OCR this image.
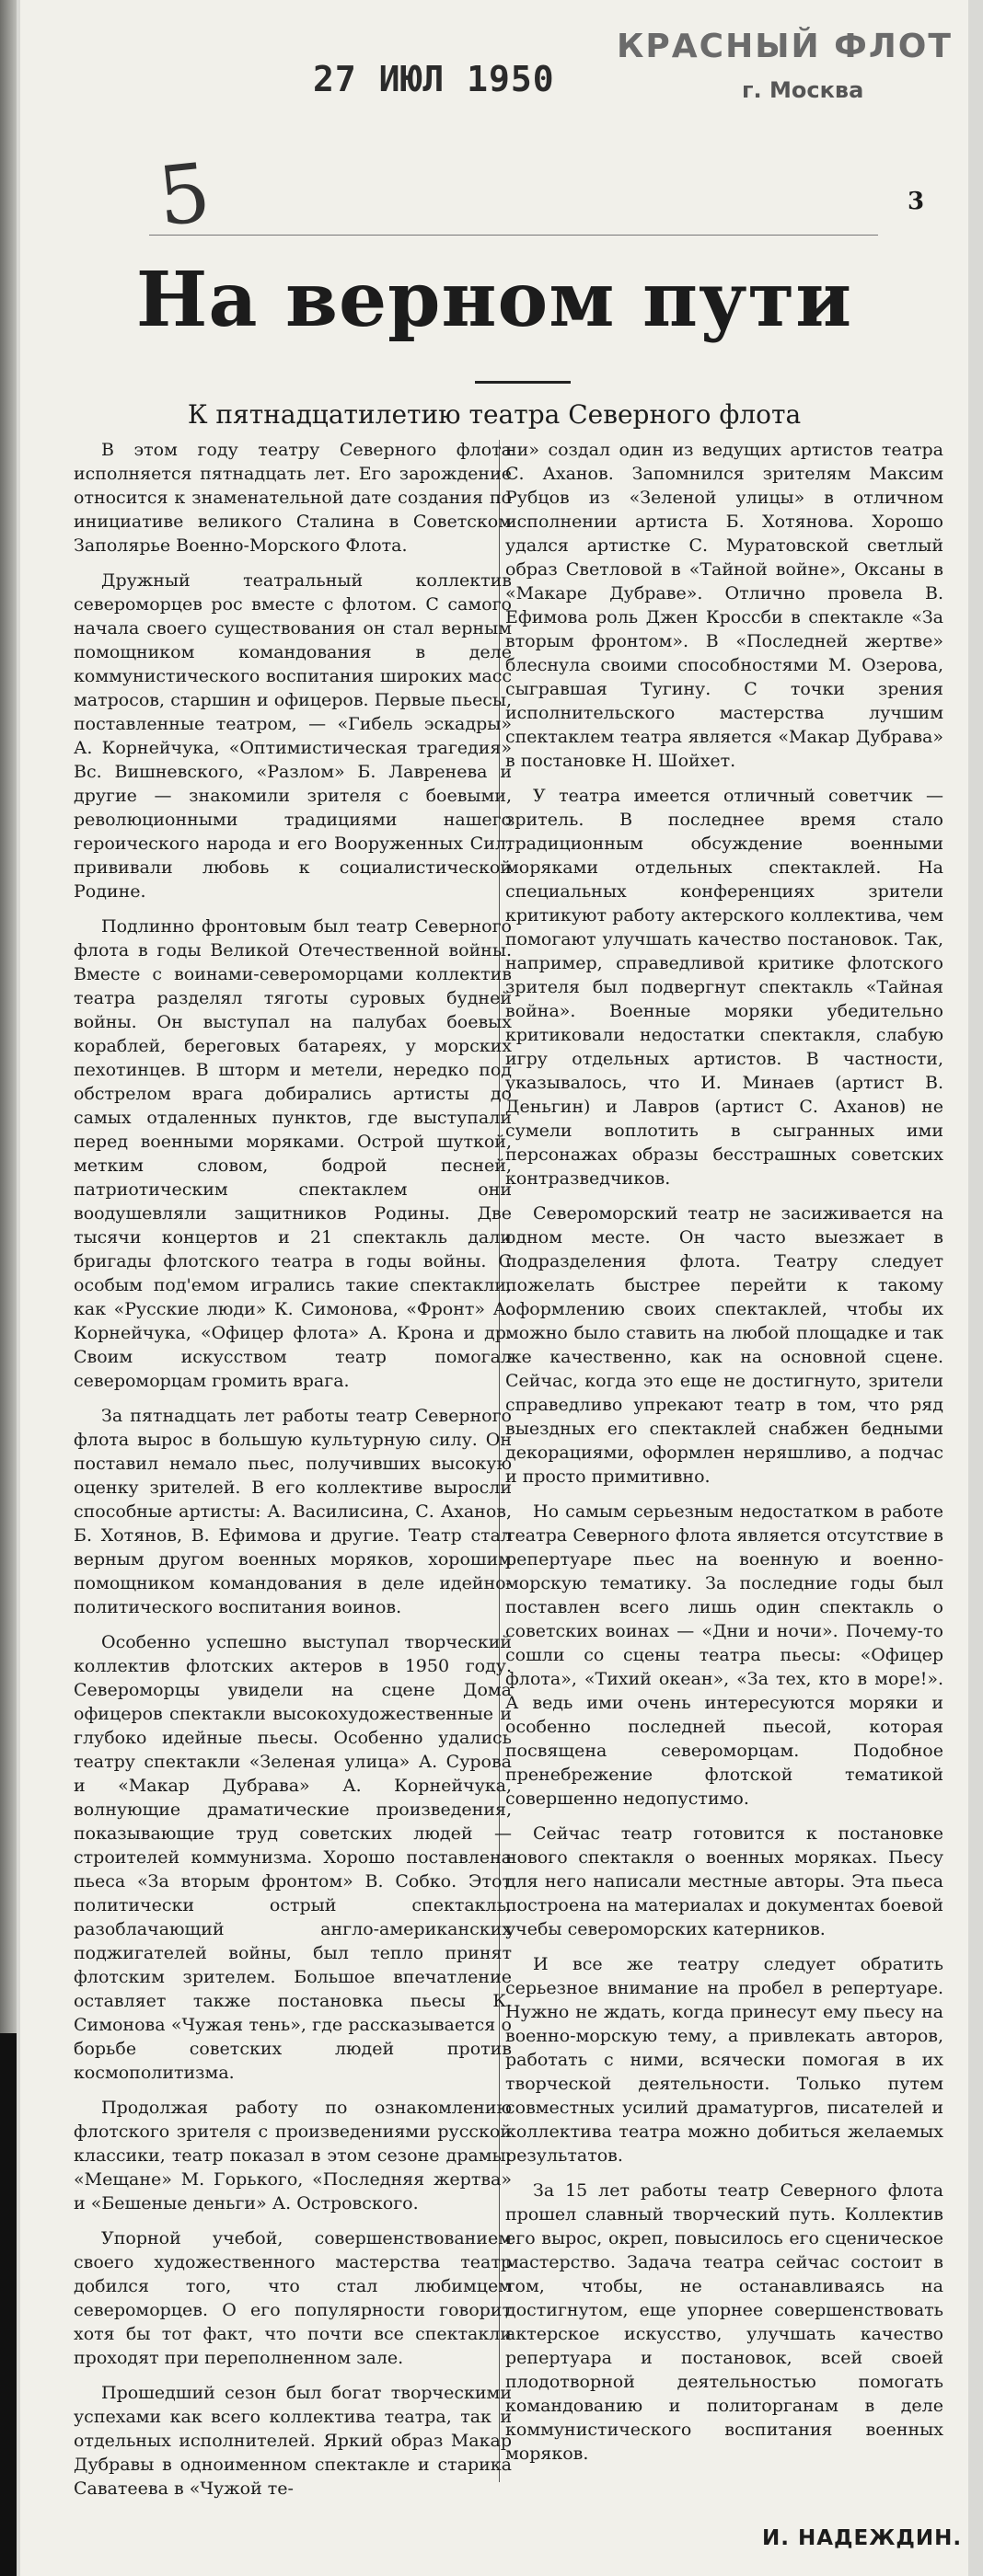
27 ИЮЛ 1950
КРАСНЫЙ ФЛОТ
г. Москва
5	3
На верном пути
К пятнадцатилетию театра Северного флота

В этом году театру Северного флота исполняется пятнадцать лет. Его зарождение относится к знаменательной дате создания по инициативе великого Сталина в Советском Заполярье Военно-Морского Флота.

Дружный театральный коллектив североморцев рос вместе с флотом. С самого начала своего существования он стал верным помощником командования в деле коммунистического воспитания широких масс матросов, старшин и офицеров. Первые пьесы, поставленные театром, — «Гибель эскадры» А. Корнейчука, «Оптимистическая трагедия» Вс. Вишневского, «Разлом» Б. Лавренева и другие — знакомили зрителя с боевыми, революционными традициями нашего героического народа и его Вооруженных Сил, прививали любовь к социалистической Родине.

Подлинно фронтовым был театр Северного флота в годы Великой Отечественной войны. Вместе с воинами-североморцами коллектив театра разделял тяготы суровых будней войны. Он выступал на палубах боевых кораблей, береговых батареях, у морских пехотинцев. В шторм и метели, нередко под обстрелом врага добирались артисты до самых отдаленных пунктов, где выступали перед военными моряками. Острой шуткой, метким словом, бодрой песней, патриотическим спектаклем они воодушевляли защитников Родины. Две тысячи концертов и 21 спектакль дали бригады флотского театра в годы войны. С особым под'емом игрались такие спектакли, как «Русские люди» К. Симонова, «Фронт» А. Корнейчука, «Офицер флота» А. Крона и др. Своим искусством театр помогал североморцам громить врага.

За пятнадцать лет работы театр Северного флота вырос в большую культурную силу. Он поставил немало пьес, получивших высокую оценку зрителей. В его коллективе выросли способные артисты: А. Василисина, С. Аханов, Б. Хотянов, В. Ефимова и другие. Театр стал верным другом военных моряков, хорошим помощником командования в деле идейно-политического воспитания воинов.

Особенно успешно выступал творческий коллектив флотских актеров в 1950 году. Североморцы увидели на сцене Дома офицеров спектакли высокохудожественные и глубоко идейные пьесы. Особенно удались театру спектакли «Зеленая улица» А. Сурова и «Макар Дубрава» А. Корнейчука, волнующие драматические произведения, показывающие труд советских людей — строителей коммунизма. Хорошо поставлена пьеса «За вторым фронтом» В. Собко. Этот политически острый спектакль, разоблачающий англо-американских поджигателей войны, был тепло принят флотским зрителем. Большое впечатление оставляет также постановка пьесы К. Симонова «Чужая тень», где рассказывается о борьбе советских людей против космополитизма.

Продолжая работу по ознакомлению флотского зрителя с произведениями русской классики, театр показал в этом сезоне драмы: «Мещане» М. Горького, «Последняя жертва» и «Бешеные деньги» А. Островского.

Упорной учебой, совершенствованием своего художественного мастерства театр добился того, что стал любимцем североморцев. О его популярности говорит хотя бы тот факт, что почти все спектакли проходят при переполненном зале.

Прошедший сезон был богат творческими успехами как всего коллектива театра, так и отдельных исполнителей. Яркий образ Макар Дубравы в одноименном спектакле и старика Саватеева в «Чужой те-

ни» создал один из ведущих артистов театра С. Аханов. Запомнился зрителям Максим Рубцов из «Зеленой улицы» в отличном исполнении артиста Б. Хотянова. Хорошо удался артистке С. Муратовской светлый образ Светловой в «Тайной войне», Оксаны в «Макаре Дубраве». Отлично провела В. Ефимова роль Джен Кроссби в спектакле «За вторым фронтом». В «Последней жертве» блеснула своими способностями М. Озерова, сыгравшая Тугину. С точки зрения исполнительского мастерства лучшим спектаклем театра является «Макар Дубрава» в постановке Н. Шойхет.

У театра имеется отличный советчик — зритель. В последнее время стало традиционным обсуждение военными моряками отдельных спектаклей. На специальных конференциях зрители критикуют работу актерского коллектива, чем помогают улучшать качество постановок. Так, например, справедливой критике флотского зрителя был подвергнут спектакль «Тайная война». Военные моряки убедительно критиковали недостатки спектакля, слабую игру отдельных артистов. В частности, указывалось, что И. Минаев (артист В. Деньгин) и Лавров (артист С. Аханов) не сумели воплотить в сыгранных ими персонажах образы бесстрашных советских контразведчиков.

Североморский театр не засиживается на одном месте. Он часто выезжает в подразделения флота. Театру следует пожелать быстрее перейти к такому оформлению своих спектаклей, чтобы их можно было ставить на любой площадке и так же качественно, как на основной сцене. Сейчас, когда это еще не достигнуто, зрители справедливо упрекают театр в том, что ряд выездных его спектаклей снабжен бедными декорациями, оформлен неряшливо, а подчас и просто примитивно.

Но самым серьезным недостатком в работе театра Северного флота является отсутствие в репертуаре пьес на военную и военно-морскую тематику. За последние годы был поставлен всего лишь один спектакль о советских воинах — «Дни и ночи». Почему-то сошли со сцены театра пьесы: «Офицер флота», «Тихий океан», «За тех, кто в море!». А ведь ими очень интересуются моряки и особенно последней пьесой, которая посвящена североморцам. Подобное пренебрежение флотской тематикой совершенно недопустимо.

Сейчас театр готовится к постановке нового спектакля о военных моряках. Пьесу для него написали местные авторы. Эта пьеса построена на материалах и документах боевой учебы североморских катерников.

И все же театру следует обратить серьезное внимание на пробел в репертуаре. Нужно не ждать, когда принесут ему пьесу на военно-морскую тему, а привлекать авторов, работать с ними, всячески помогая в их творческой деятельности. Только путем совместных усилий драматургов, писателей и коллектива театра можно добиться желаемых результатов.

За 15 лет работы театр Северного флота прошел славный творческий путь. Коллектив его вырос, окреп, повысилось его сценическое мастерство. Задача театра сейчас состоит в том, чтобы, не останавливаясь на достигнутом, еще упорнее совершенствовать актерское искусство, улучшать качество репертуара и постановок, всей своей плодотворной деятельностью помогать командованию и политорганам в деле коммунистического воспитания военных моряков.

И. НАДЕЖДИН.
